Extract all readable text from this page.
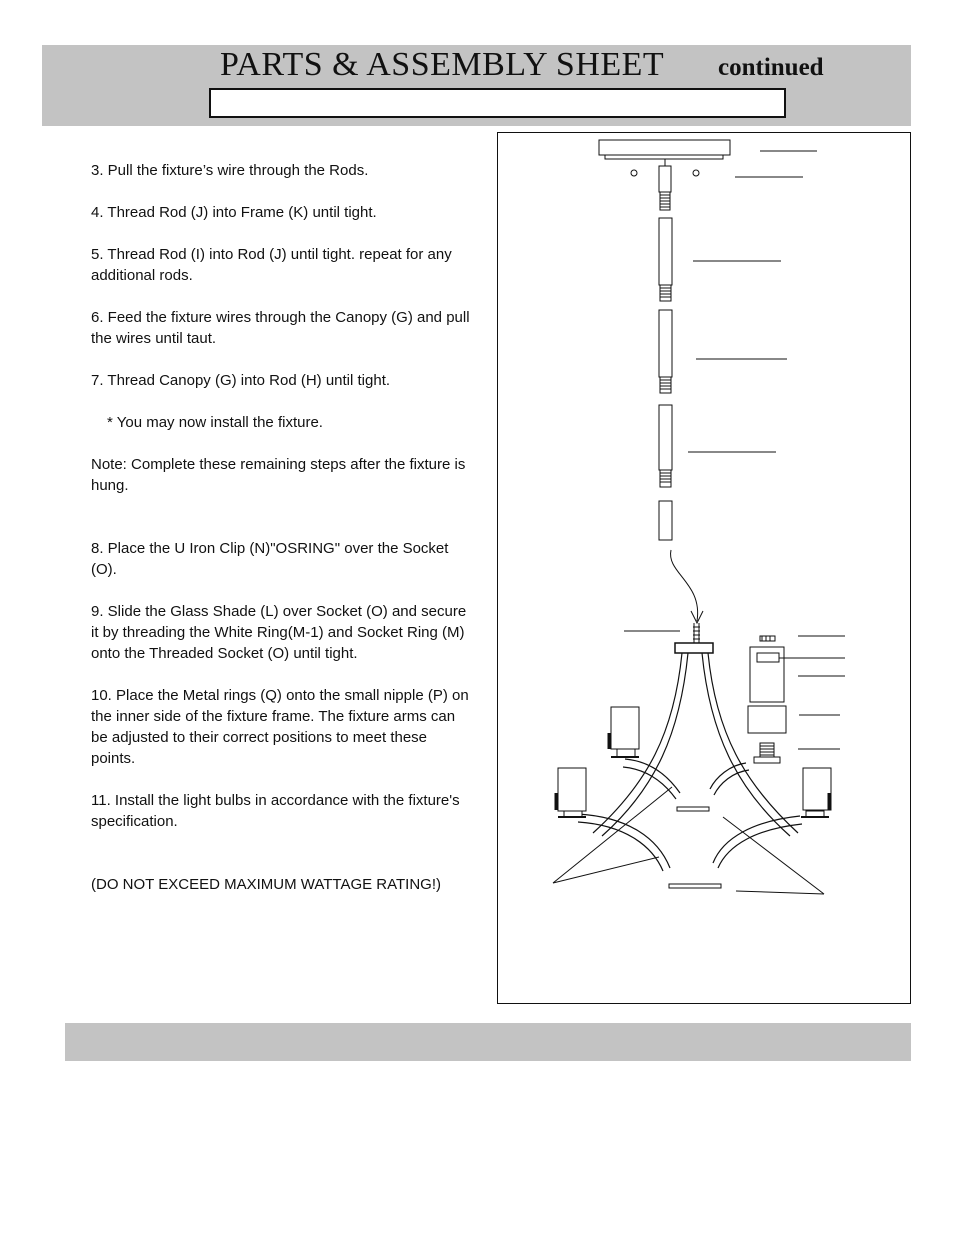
PARTS & ASSEMBLY SHEET continued
3. Pull the fixture’s wire through the Rods.
4. Thread Rod (J) into Frame (K) until tight.
5. Thread Rod (I) into Rod (J) until tight. repeat for any additional rods.
6. Feed the fixture wires through the Canopy (G) and pull the wires until taut.
7. Thread Canopy (G) into Rod (H) until tight.
* You may now install the fixture.
Note: Complete these remaining steps after the fixture is hung.
8. Place the U Iron Clip (N)"OSRING" over the Socket (O).
9. Slide the Glass Shade (L) over Socket (O) and secure it by threading the White Ring(M-1) and Socket Ring (M) onto the Threaded Socket (O) until tight.
10. Place the Metal rings (Q) onto the small nipple (P) on the inner side of the fixture frame. The fixture arms can be adjusted to their correct positions to meet these points.
11. Install the light bulbs in accordance with the fixture's specification.
(DO NOT EXCEED MAXIMUM WATTAGE RATING!)
